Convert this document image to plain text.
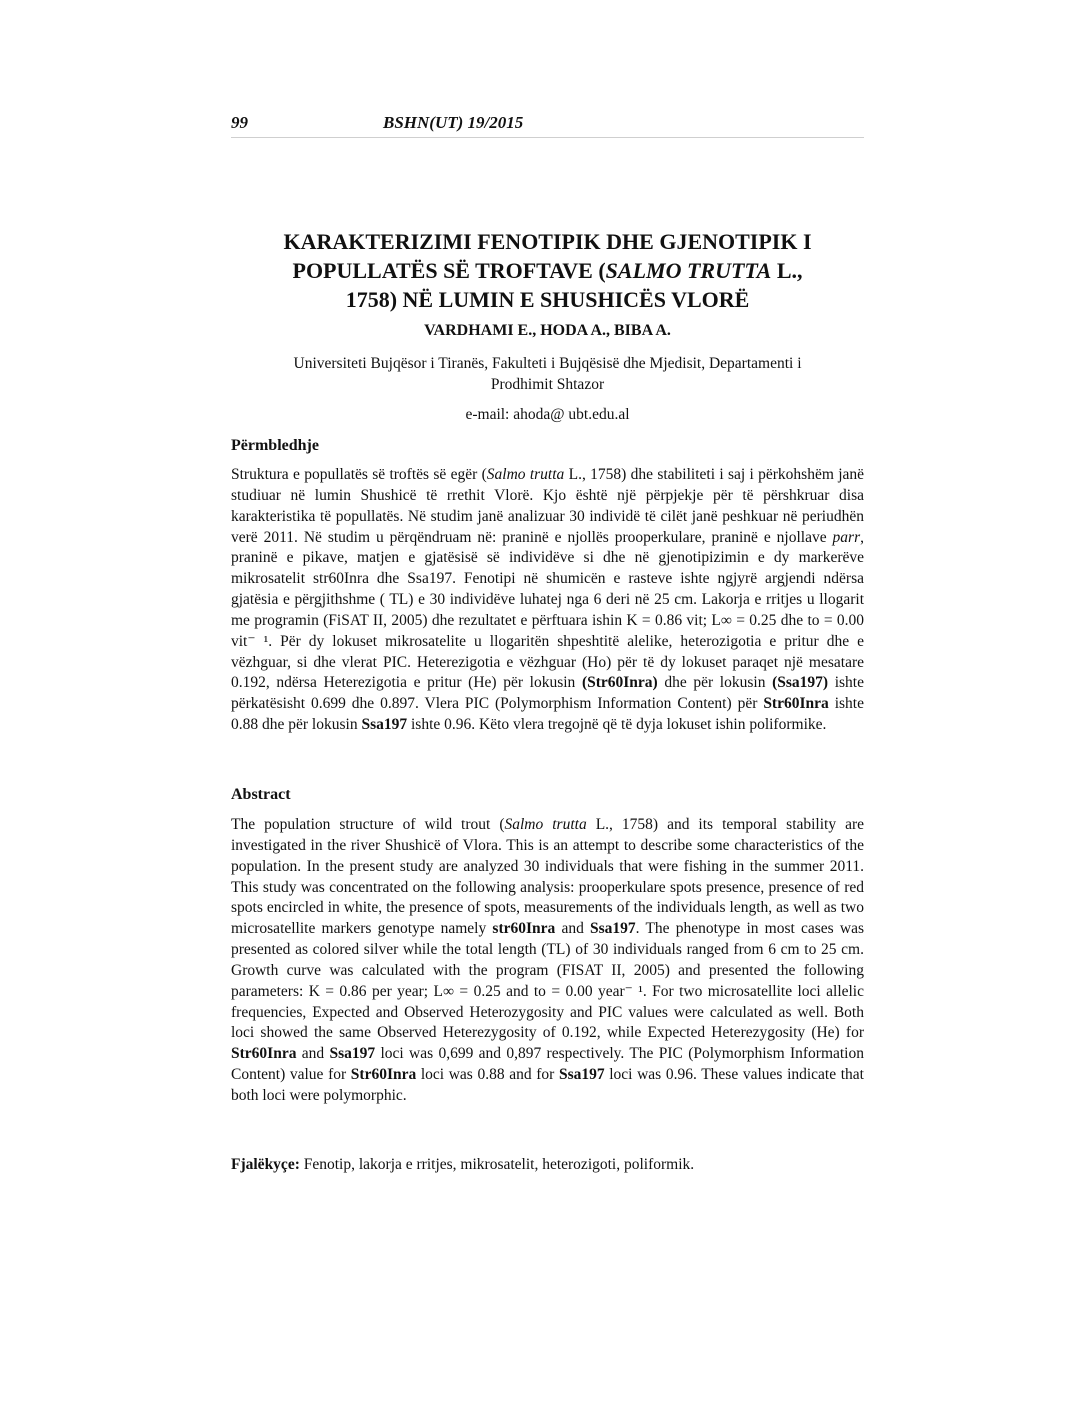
99	BSHN(UT) 19/2015
KARAKTERIZIMI FENOTIPIK DHE GJENOTIPIK I
POPULLATËS SË TROFTAVE (SALMO TRUTTA L.,
1758) NË LUMIN E SHUSHICËS VLORË
VARDHAMI E., HODA A., BIBA A.
Universiteti Bujqësor i Tiranës, Fakulteti i Bujqësisë dhe Mjedisit, Departamenti i
Prodhimit Shtazor
e-mail: ahoda@ ubt.edu.al
Përmbledhje
Struktura e popullatës së troftës së egër (Salmo trutta L., 1758) dhe stabiliteti i saj i përkohshëm janë studiuar në lumin Shushicë të rrethit Vlorë. Kjo është një përpjekje për të përshkruar disa karakteristika të popullatës. Në studim janë analizuar 30 individë të cilët janë peshkuar në periudhën verë 2011. Në studim u përqëndruam në: praninë e njollës prooperkulare, praninë e njollave parr, praninë e pikave, matjen e gjatësisë së individëve si dhe në gjenotipizimin e dy markerëve mikrosatelit str60Inra dhe Ssa197. Fenotipi në shumicën e rasteve ishte ngjyrë argjendi ndërsa gjatësia e përgjithshme ( TL) e 30 individëve luhatej nga 6 deri në 25 cm. Lakorja e rritjes u llogarit me programin (FiSAT II, 2005) dhe rezultatet e përftuara ishin K = 0.86 vit; L∞ = 0.25 dhe to = 0.00 vit⁻ ¹. Për dy lokuset mikrosatelite u llogaritën shpeshtitë alelike, heterozigotia e pritur dhe e vëzhguar, si dhe vlerat PIC. Heterezigotia e vëzhguar (Ho) për të dy lokuset paraqet një mesatare 0.192, ndërsa Heterezigotia e pritur (He) për lokusin (Str60Inra) dhe për lokusin (Ssa197) ishte përkatësisht 0.699 dhe 0.897. Vlera PIC (Polymorphism Information Content) për Str60Inra ishte 0.88 dhe për lokusin Ssa197 ishte 0.96. Këto vlera tregojnë që të dyja lokuset ishin poliformike.
Abstract
The population structure of wild trout (Salmo trutta L., 1758) and its temporal stability are investigated in the river Shushicë of Vlora. This is an attempt to describe some characteristics of the population. In the present study are analyzed 30 individuals that were fishing in the summer 2011. This study was concentrated on the following analysis: prooperkulare spots presence, presence of red spots encircled in white, the presence of spots, measurements of the individuals length, as well as two microsatellite markers genotype namely str60Inra and Ssa197. The phenotype in most cases was presented as colored silver while the total length (TL) of 30 individuals ranged from 6 cm to 25 cm. Growth curve was calculated with the program (FISAT II, 2005) and presented the following parameters: K = 0.86 per year; L∞ = 0.25 and to = 0.00 year⁻ ¹. For two microsatellite loci allelic frequencies, Expected and Observed Heterozygosity and PIC values were calculated as well. Both loci showed the same Observed Heterezygosity of 0.192, while Expected Heterezygosity (He) for Str60Inra and Ssa197 loci was 0,699 and 0,897 respectively. The PIC (Polymorphism Information Content) value for Str60Inra loci was 0.88 and for Ssa197 loci was 0.96. These values indicate that both loci were polymorphic.
Fjalëkyçe: Fenotip, lakorja e rritjes, mikrosatelit, heterozigoti, poliformik.
